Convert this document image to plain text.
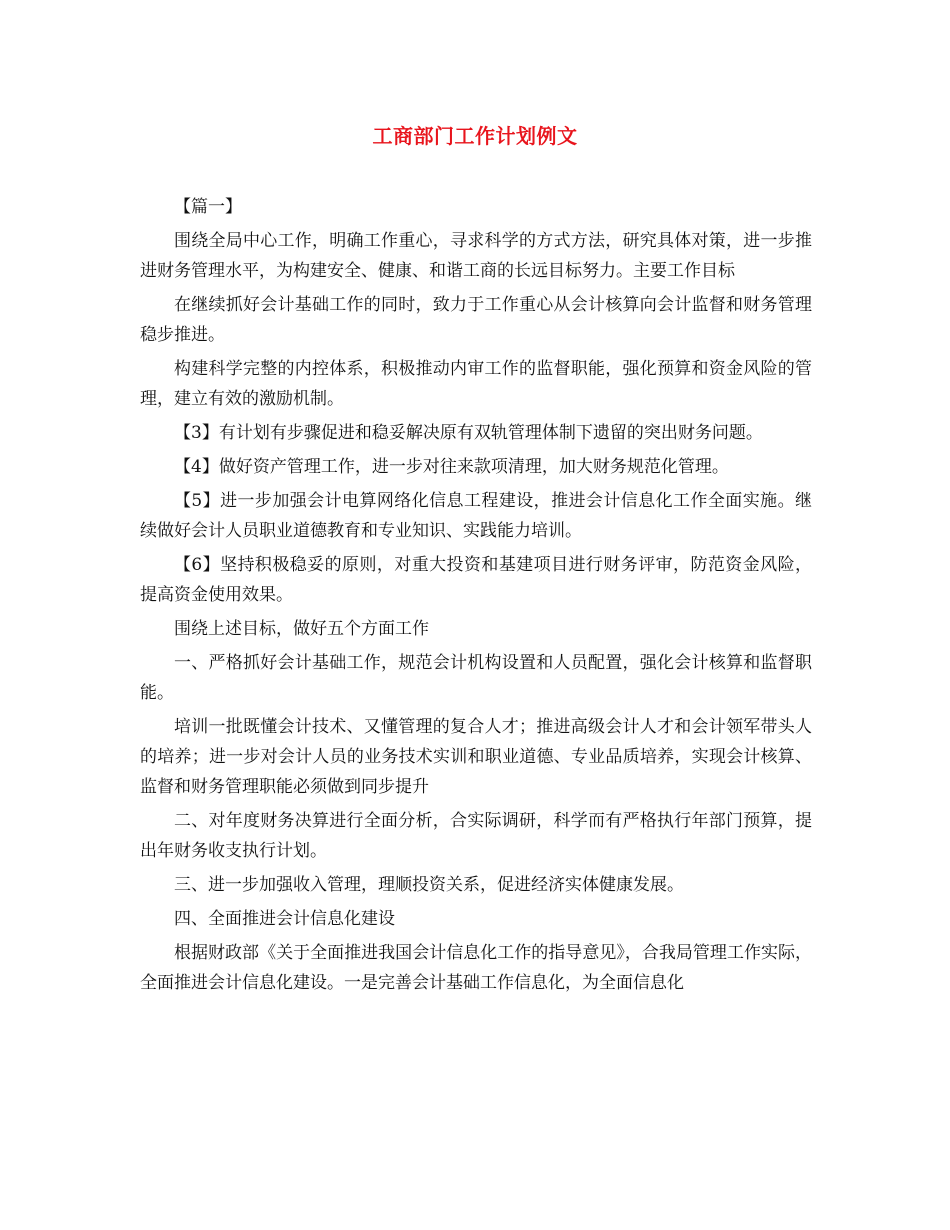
工商部门工作计划例文

【篇一】

围绕全局中心工作，明确工作重心，寻求科学的方式方法，研究具体对策，进一步推进财务管理水平，为构建安全、健康、和谐工商的长远目标努力。主要工作目标

在继续抓好会计基础工作的同时，致力于工作重心从会计核算向会计监督和财务管理稳步推进。

构建科学完整的内控体系，积极推动内审工作的监督职能，强化预算和资金风险的管理，建立有效的激励机制。

【3】有计划有步骤促进和稳妥解决原有双轨管理体制下遗留的突出财务问题。

【4】做好资产管理工作，进一步对往来款项清理，加大财务规范化管理。

【5】进一步加强会计电算网络化信息工程建设，推进会计信息化工作全面实施。继续做好会计人员职业道德教育和专业知识、实践能力培训。

【6】坚持积极稳妥的原则，对重大投资和基建项目进行财务评审，防范资金风险，提高资金使用效果。

围绕上述目标，做好五个方面工作

一、严格抓好会计基础工作，规范会计机构设置和人员配置，强化会计核算和监督职能。

培训一批既懂会计技术、又懂管理的复合人才；推进高级会计人才和会计领军带头人的培养；进一步对会计人员的业务技术实训和职业道德、专业品质培养，实现会计核算、监督和财务管理职能必须做到同步提升

二、对年度财务决算进行全面分析，合实际调研，科学而有严格执行年部门预算，提出年财务收支执行计划。

三、进一步加强收入管理，理顺投资关系，促进经济实体健康发展。

四、全面推进会计信息化建设

根据财政部《关于全面推进我国会计信息化工作的指导意见》，合我局管理工作实际，全面推进会计信息化建设。一是完善会计基础工作信息化，为全面信息化
